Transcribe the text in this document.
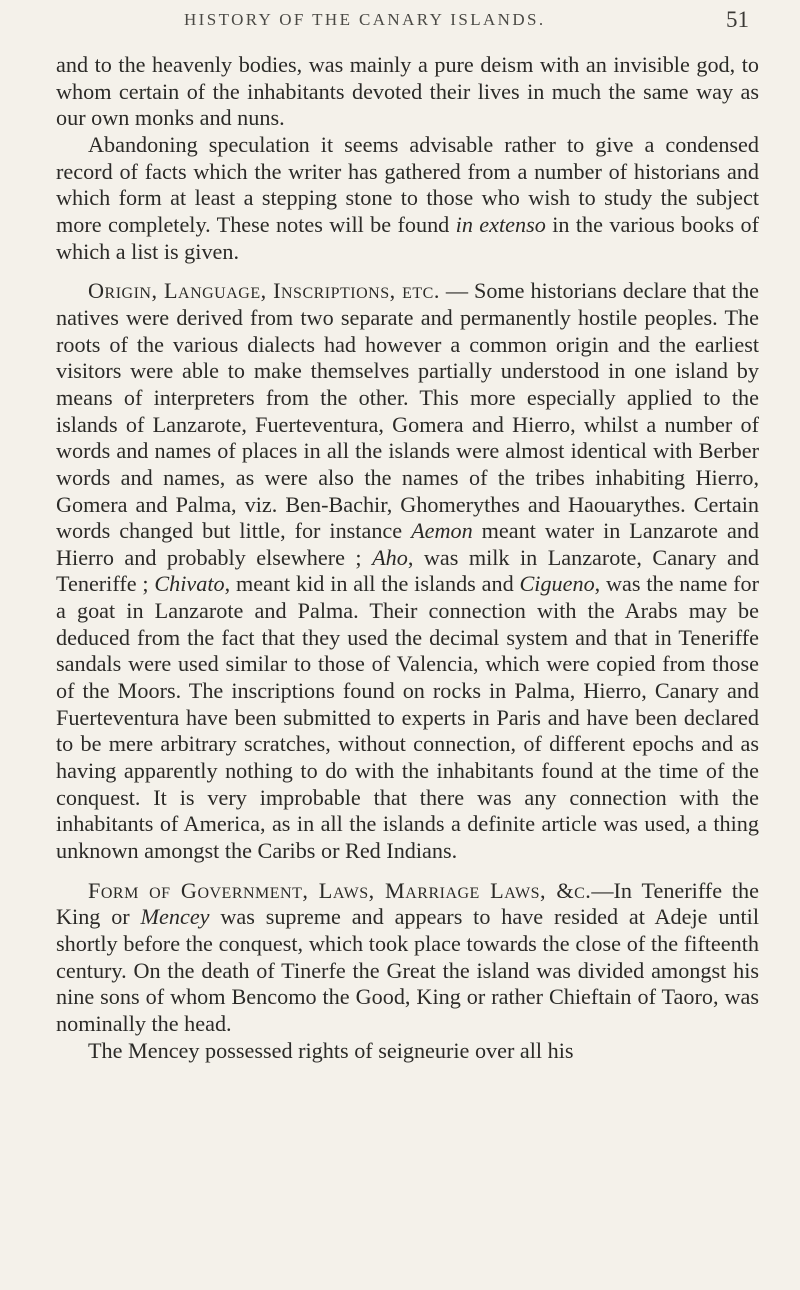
HISTORY OF THE CANARY ISLANDS.	51

and to the heavenly bodies, was mainly a pure deism with an invisible god, to whom certain of the inhabitants devoted their lives in much the same way as our own monks and nuns.

Abandoning speculation it seems advisable rather to give a condensed record of facts which the writer has gathered from a number of historians and which form at least a stepping stone to those who wish to study the subject more completely. These notes will be found in extenso in the various books of which a list is given.

Origin, Language, Inscriptions, etc. — Some historians declare that the natives were derived from two separate and permanently hostile peoples. The roots of the various dialects had however a common origin and the earliest visitors were able to make themselves partially understood in one island by means of interpreters from the other. This more especially applied to the islands of Lanzarote, Fuerteventura, Gomera and Hierro, whilst a number of words and names of places in all the islands were almost identical with Berber words and names, as were also the names of the tribes inhabiting Hierro, Gomera and Palma, viz. Ben-Bachir, Ghomerythes and Haouarythes. Certain words changed but little, for instance Aemon meant water in Lanzarote and Hierro and probably elsewhere ; Aho, was milk in Lanzarote, Canary and Teneriffe ; Chivato, meant kid in all the islands and Cigueno, was the name for a goat in Lanzarote and Palma. Their connection with the Arabs may be deduced from the fact that they used the decimal system and that in Teneriffe sandals were used similar to those of Valencia, which were copied from those of the Moors. The inscriptions found on rocks in Palma, Hierro, Canary and Fuerteventura have been submitted to experts in Paris and have been declared to be mere arbitrary scratches, without connection, of different epochs and as having apparently nothing to do with the inhabitants found at the time of the conquest. It is very improbable that there was any connection with the inhabitants of America, as in all the islands a definite article was used, a thing unknown amongst the Caribs or Red Indians.

Form of Government, Laws, Marriage Laws, &c.—In Teneriffe the King or Mencey was supreme and appears to have resided at Adeje until shortly before the conquest, which took place towards the close of the fifteenth century. On the death of Tinerfe the Great the island was divided amongst his nine sons of whom Bencomo the Good, King or rather Chieftain of Taoro, was nominally the head.

The Mencey possessed rights of seigneurie over all his
